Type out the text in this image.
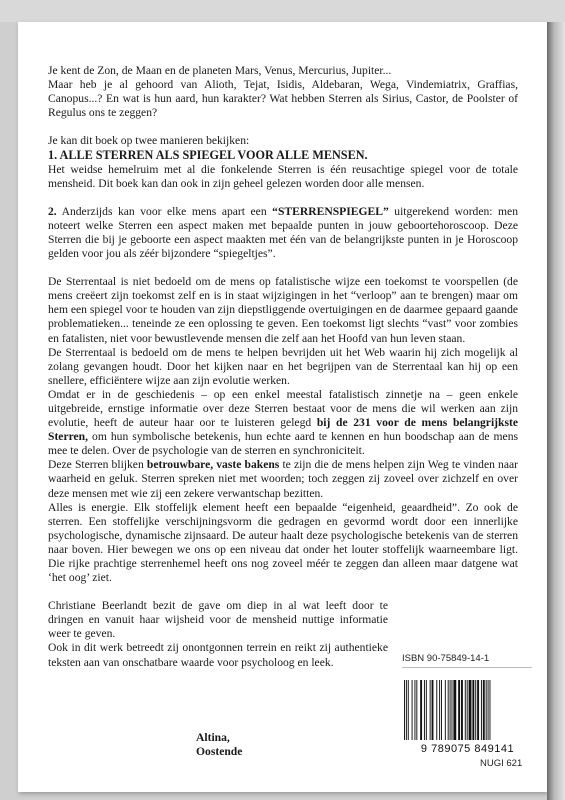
Je kent de Zon, de Maan en de planeten Mars, Venus, Mercurius, Jupiter...

Maar heb je al gehoord van Alioth, Tejat, Isidis, Aldebaran, Wega, Vindemiatrix, Graffias, Canopus...? En wat is hun aard, hun karakter? Wat hebben Sterren als Sirius, Castor, de Poolster of Regulus ons te zeggen?

Je kan dit boek op twee manieren bekijken:

1. ALLE STERREN ALS SPIEGEL VOOR ALLE MENSEN.

Het weidse hemelruim met al die fonkelende Sterren is één reusachtige spiegel voor de totale mensheid. Dit boek kan dan ook in zijn geheel gelezen worden door alle mensen.

2. Anderzijds kan voor elke mens apart een “STERRENSPIEGEL” uitgerekend worden: men noteert welke Sterren een aspect maken met bepaalde punten in jouw geboortehoroscoop. Deze Sterren die bij je geboorte een aspect maakten met één van de belangrijkste punten in je Horoscoop gelden voor jou als zéér bijzondere “spiegeltjes”.

De Sterrentaal is niet bedoeld om de mens op fatalistische wijze een toekomst te voorspellen (de mens creëert zijn toekomst zelf en is in staat wijzigingen in het “verloop” aan te brengen) maar om hem een spiegel voor te houden van zijn diepstliggende overtuigingen en de daarmee gepaard gaande problematieken... teneinde ze een oplossing te geven. Een toekomst ligt slechts “vast” voor zombies en fatalisten, niet voor bewustlevende mensen die zelf aan het Hoofd van hun leven staan.

De Sterrentaal is bedoeld om de mens te helpen bevrijden uit het Web waarin hij zich mogelijk al zolang gevangen houdt. Door het kijken naar en het begrijpen van de Sterrentaal kan hij op een snellere, efficiëntere wijze aan zijn evolutie werken.

Omdat er in de geschiedenis – op een enkel meestal fatalistisch zinnetje na – geen enkele uitgebreide, ernstige informatie over deze Sterren bestaat voor de mens die wil werken aan zijn evolutie, heeft de auteur haar oor te luisteren gelegd bij de 231 voor de mens belangrijkste Sterren, om hun symbolische betekenis, hun echte aard te kennen en hun boodschap aan de mens mee te delen. Over de psychologie van de sterren en synchroniciteit.

Deze Sterren blijken betrouwbare, vaste bakens te zijn die de mens helpen zijn Weg te vinden naar waarheid en geluk. Sterren spreken niet met woorden; toch zeggen zij zoveel over zichzelf en over deze mensen met wie zij een zekere verwantschap bezitten.

Alles is energie. Elk stoffelijk element heeft een bepaalde “eigenheid, geaardheid”. Zo ook de sterren. Een stoffelijke verschijningsvorm die gedragen en gevormd wordt door een innerlijke psychologische, dynamische zijnsaard. De auteur haalt deze psychologische betekenis van de sterren naar boven. Hier bewegen we ons op een niveau dat onder het louter stoffelijk waarneembare ligt. Die rijke prachtige sterrenhemel heeft ons nog zoveel méér te zeggen dan alleen maar datgene wat ‘het oog’ ziet.

Christiane Beerlandt bezit de gave om diep in al wat leeft door te dringen en vanuit haar wijsheid voor de mensheid nuttige informatie weer te geven.

Ook in dit werk betreedt zij onontgonnen terrein en reikt zij authentieke teksten aan van onschatbare waarde voor psycholoog en leek.

Altina,
Oostende
ISBN 90-75849-14-1
9 789075 849141
NUGI 621
